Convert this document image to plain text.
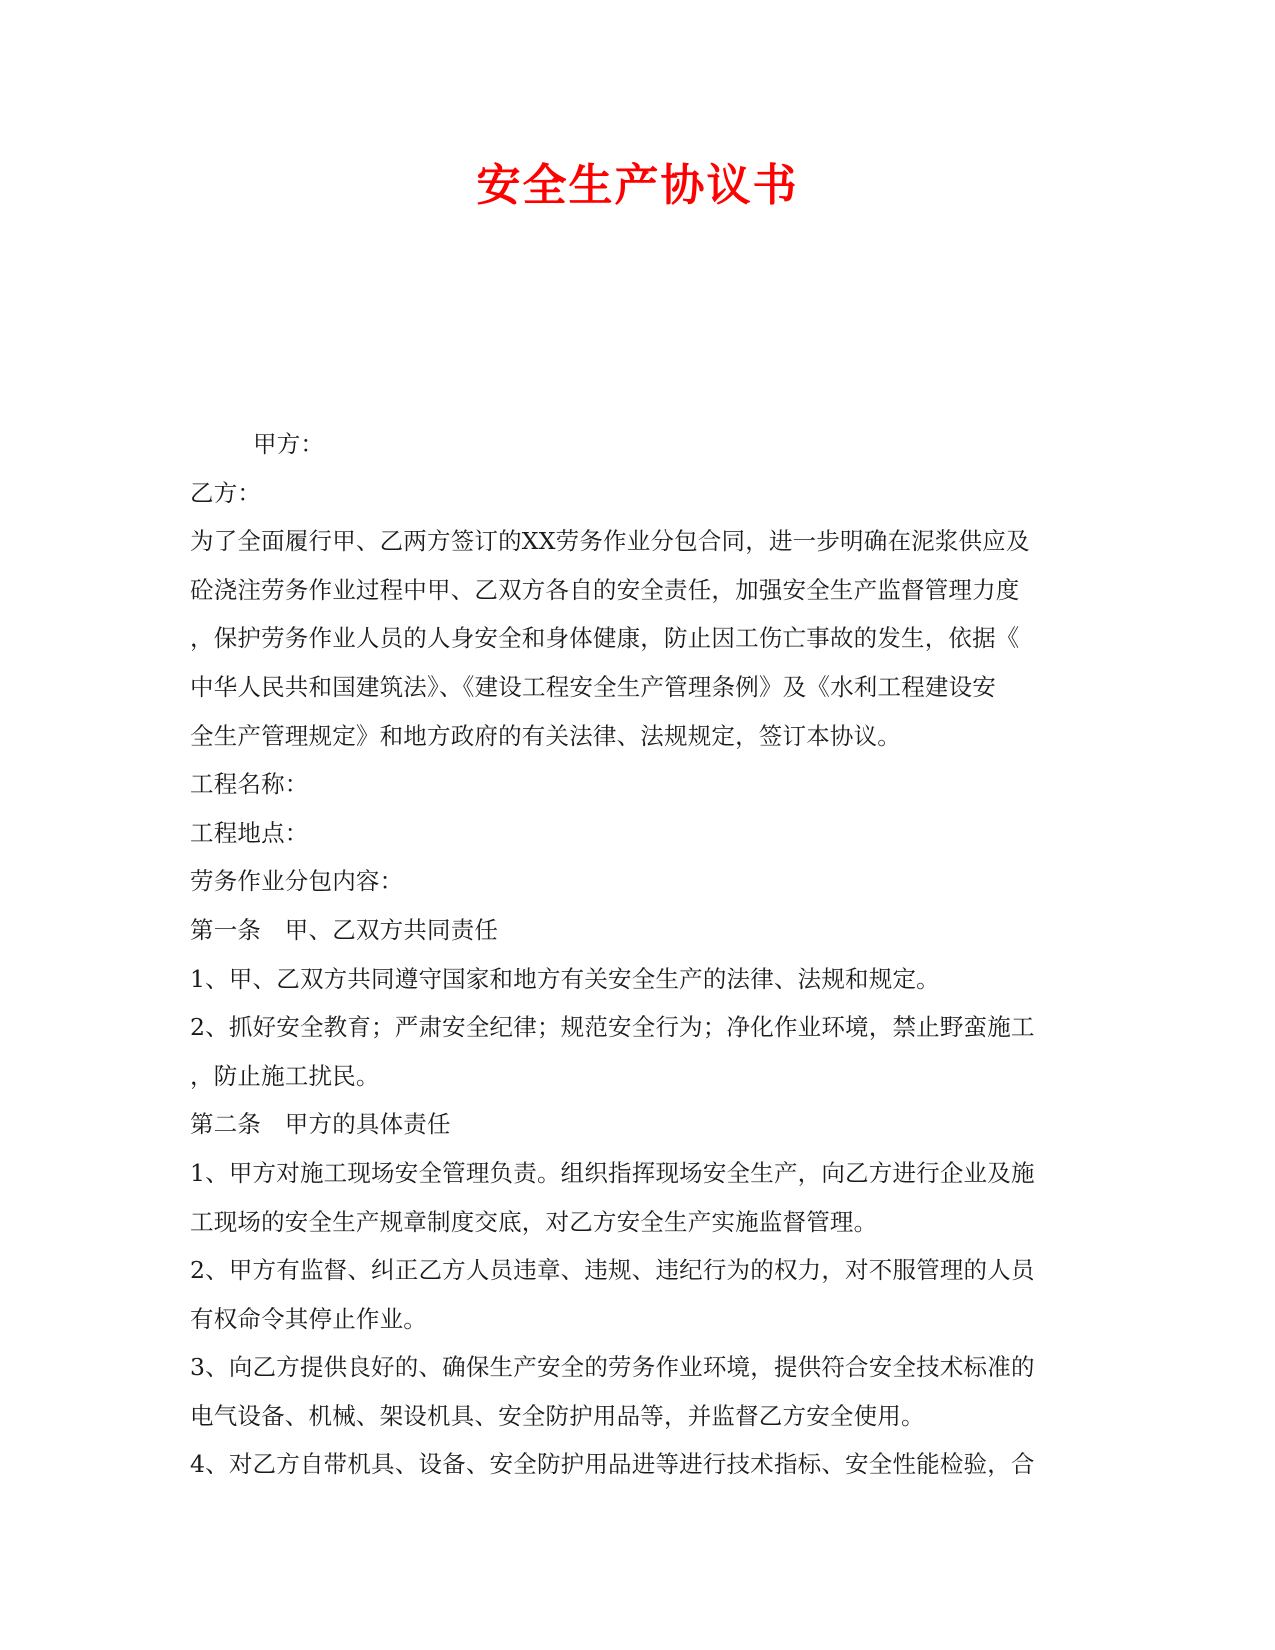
安全生产协议书
甲方：
乙方：
为了全面履行甲、乙两方签订的XX劳务作业分包合同，进一步明确在泥浆供应及
砼浇注劳务作业过程中甲、乙双方各自的安全责任，加强安全生产监督管理力度
，保护劳务作业人员的人身安全和身体健康，防止因工伤亡事故的发生，依据《
中华人民共和国建筑法》、《建设工程安全生产管理条例》及《水利工程建设安
全生产管理规定》和地方政府的有关法律、法规规定，签订本协议。
工程名称：
工程地点：
劳务作业分包内容：
第一条　甲、乙双方共同责任
1、甲、乙双方共同遵守国家和地方有关安全生产的法律、法规和规定。
2、抓好安全教育；严肃安全纪律；规范安全行为；净化作业环境，禁止野蛮施工
，防止施工扰民。
第二条　甲方的具体责任
1、甲方对施工现场安全管理负责。组织指挥现场安全生产，向乙方进行企业及施
工现场的安全生产规章制度交底，对乙方安全生产实施监督管理。
2、甲方有监督、纠正乙方人员违章、违规、违纪行为的权力，对不服管理的人员
有权命令其停止作业。
3、向乙方提供良好的、确保生产安全的劳务作业环境，提供符合安全技术标准的
电气设备、机械、架设机具、安全防护用品等，并监督乙方安全使用。
4、对乙方自带机具、设备、安全防护用品进等进行技术指标、安全性能检验，合
